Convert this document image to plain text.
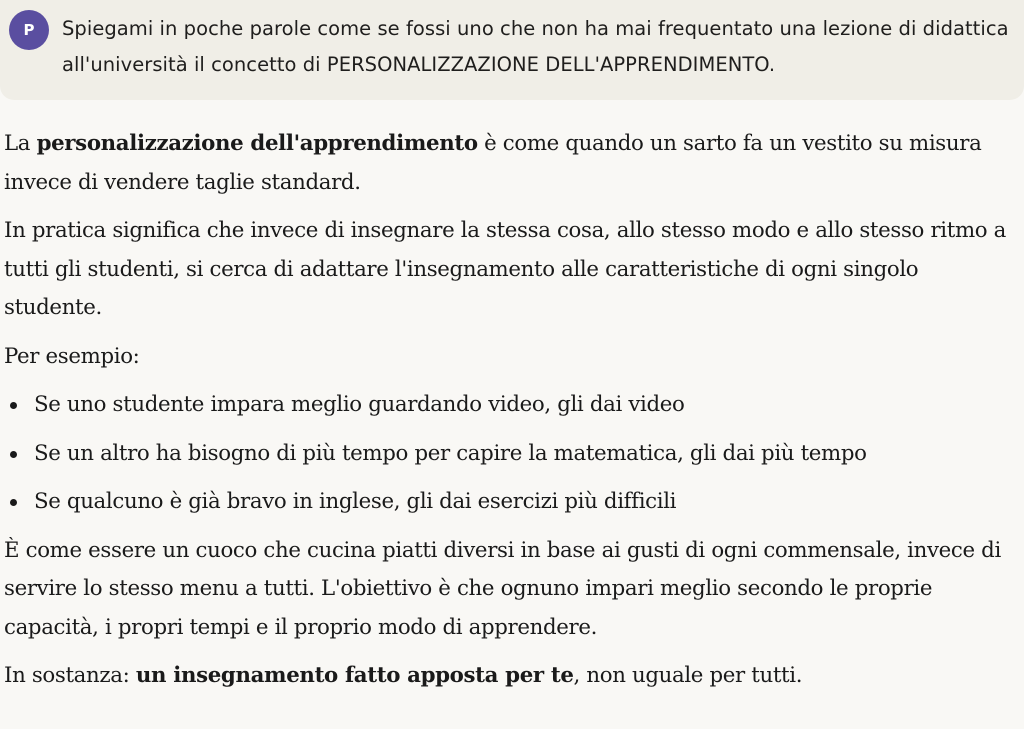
P Spiegami in poche parole come se fossi uno che non ha mai frequentato una lezione di didattica all'università il concetto di PERSONALIZZAZIONE DELL'APPRENDIMENTO.

La personalizzazione dell'apprendimento è come quando un sarto fa un vestito su misura invece di vendere taglie standard.

In pratica significa che invece di insegnare la stessa cosa, allo stesso modo e allo stesso ritmo a tutti gli studenti, si cerca di adattare l'insegnamento alle caratteristiche di ogni singolo studente.

Per esempio:

Se uno studente impara meglio guardando video, gli dai video
Se un altro ha bisogno di più tempo per capire la matematica, gli dai più tempo
Se qualcuno è già bravo in inglese, gli dai esercizi più difficili

È come essere un cuoco che cucina piatti diversi in base ai gusti di ogni commensale, invece di servire lo stesso menu a tutti. L'obiettivo è che ognuno impari meglio secondo le proprie capacità, i propri tempi e il proprio modo di apprendere.

In sostanza: un insegnamento fatto apposta per te, non uguale per tutti.
